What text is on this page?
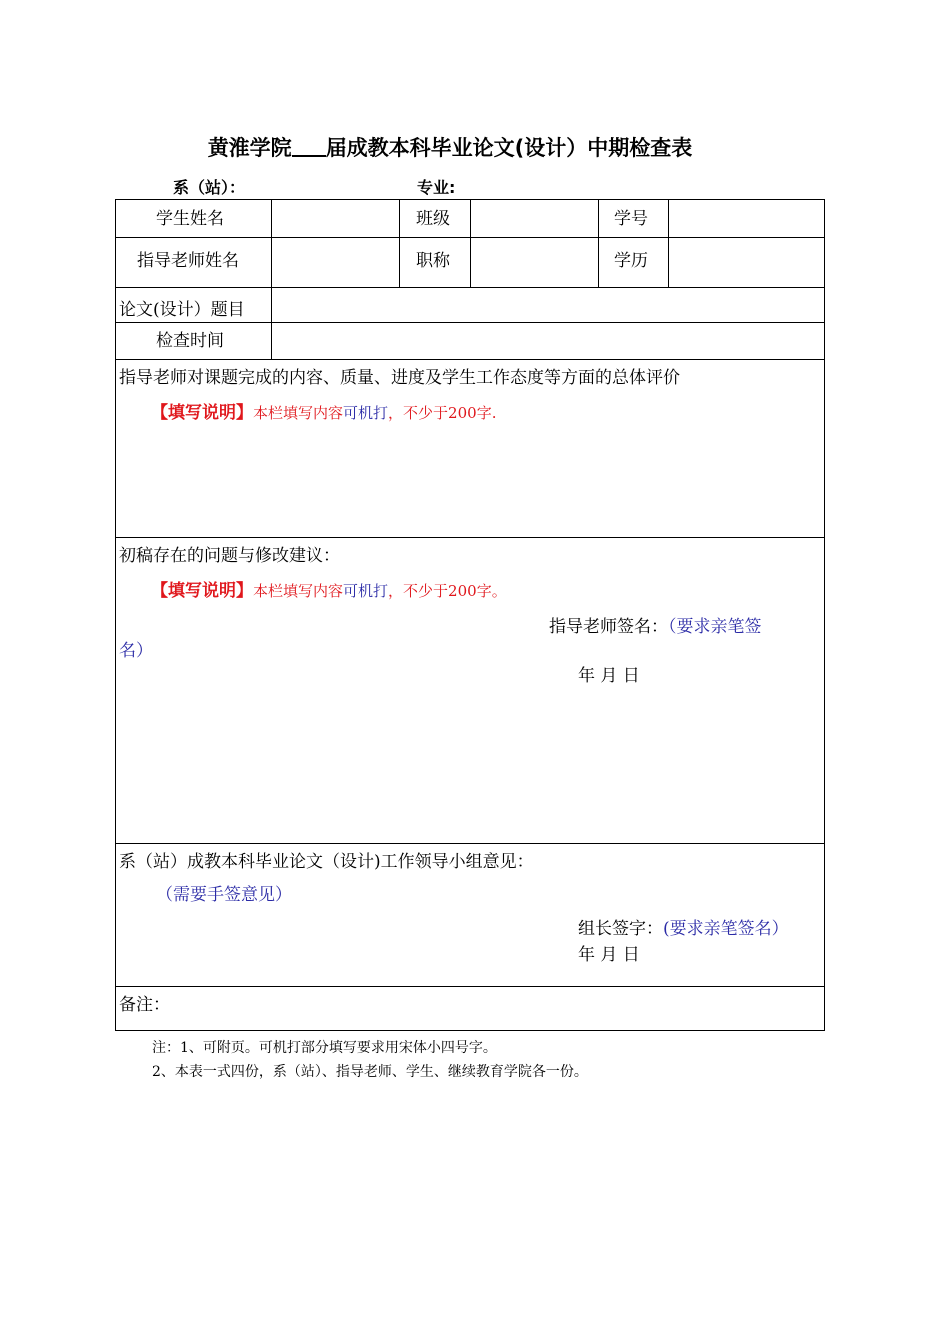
黄淮学院 届成教本科毕业论文(设计）中期检查表
系（站）：	专业:
学生姓名	班级	学号
指导老师姓名	职称	学历
论文(设计）题目
检查时间
指导老师对课题完成的内容、质量、进度及学生工作态度等方面的总体评价
【填写说明】本栏填写内容可机打，不少于200字.
初稿存在的问题与修改建议：
【填写说明】本栏填写内容可机打，不少于200字。
指导老师签名：（要求亲笔签
名）
年 月 日
系（站）成教本科毕业论文（设计)工作领导小组意见：
（需要手签意见）
组长签字：(要求亲笔签名）
年 月 日
备注：
注：1、可附页。可机打部分填写要求用宋体小四号字。
2、本表一式四份，系（站）、指导老师、学生、继续教育学院各一份。
